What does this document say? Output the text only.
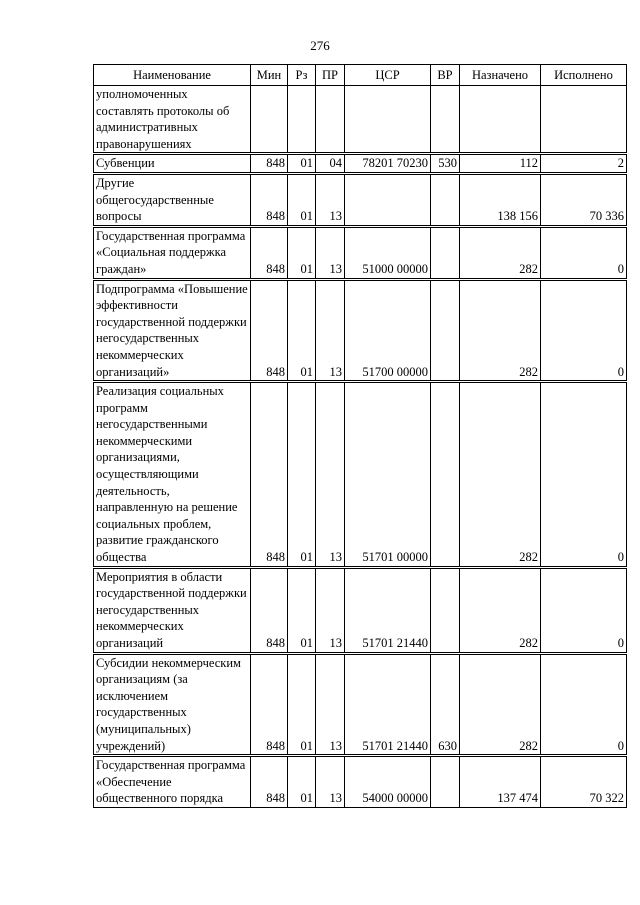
276
Наименование	Мин	Рз	ПР	ЦСР	ВР	Назначено	Исполнено
уполномоченных составлять протоколы об административных правонарушениях							
Субвенции	848	01	04	78201 70230	530	112	2
Другие общегосударственные вопросы	848	01	13			138 156	70 336
Государственная программа «Социальная поддержка граждан»	848	01	13	51000 00000		282	0
Подпрограмма «Повышение эффективности государственной поддержки негосударственных некоммерческих организаций»	848	01	13	51700 00000		282	0
Реализация социальных программ негосударственными некоммерческими организациями, осуществляющими деятельность, направленную на решение социальных проблем, развитие гражданского общества	848	01	13	51701 00000		282	0
Мероприятия в области государственной поддержки негосударственных некоммерческих организаций	848	01	13	51701 21440		282	0
Субсидии некоммерческим организациям (за исключением государственных (муниципальных) учреждений)	848	01	13	51701 21440	630	282	0
Государственная программа «Обеспечение общественного порядка	848	01	13	54000 00000		137 474	70 322
